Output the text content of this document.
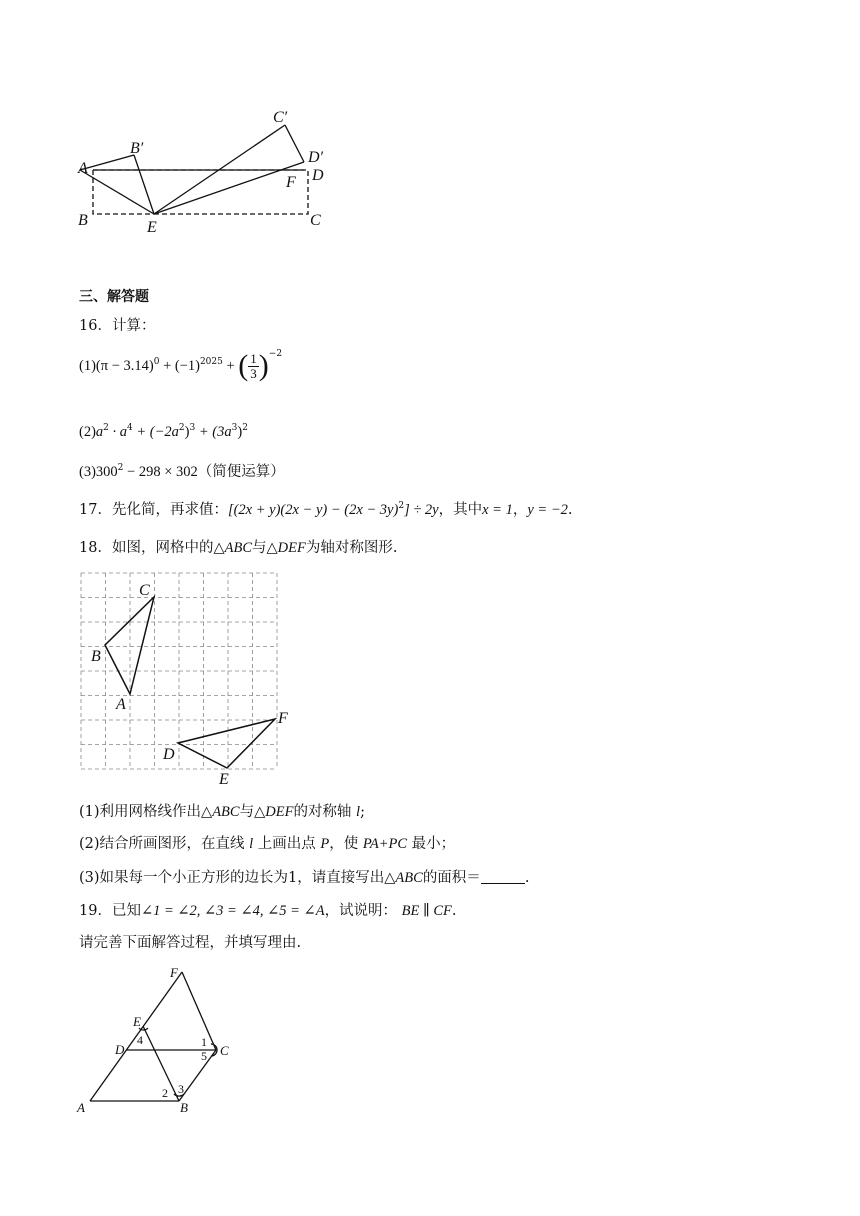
A
B′
C′
D′
D
F
B	E	C
三、解答题
16．计算：
$(1)(\pi - 3.14)^0 + (-1)^{2025}$ + ( $\frac{1}{3} )^{-2}$
$(2)a^2 \cdot a^4 + (-2a^2)^3 + (3a^3)^2$
$(3)300^2 - 298 \times 302$（简便运算）
17．先化简，再求值：$[(2x + y)(2x - y) - (2x - 3y)^2] \div 2y$，其中x = 1，y = −2.
18．如图，网格中的△ABC与△DEF为轴对称图形.
C
B
A
D
E
F
(1)利用网格线作出△ABC与△DEF的对称轴 l;
(2)结合所画图形，在直线 l 上画出点 P，使 PA+PC 最小；
(3)如果每一个小正方形的边长为1，请直接写出△ABC的面积＝	.
19．已知∠1 = ∠2, ∠3 = ∠4, ∠5 = ∠A，试说明： BE ∥ CF.
请完善下面解答过程，并填写理由.
F
E
D	C
A	B
1
2 3
4
5
